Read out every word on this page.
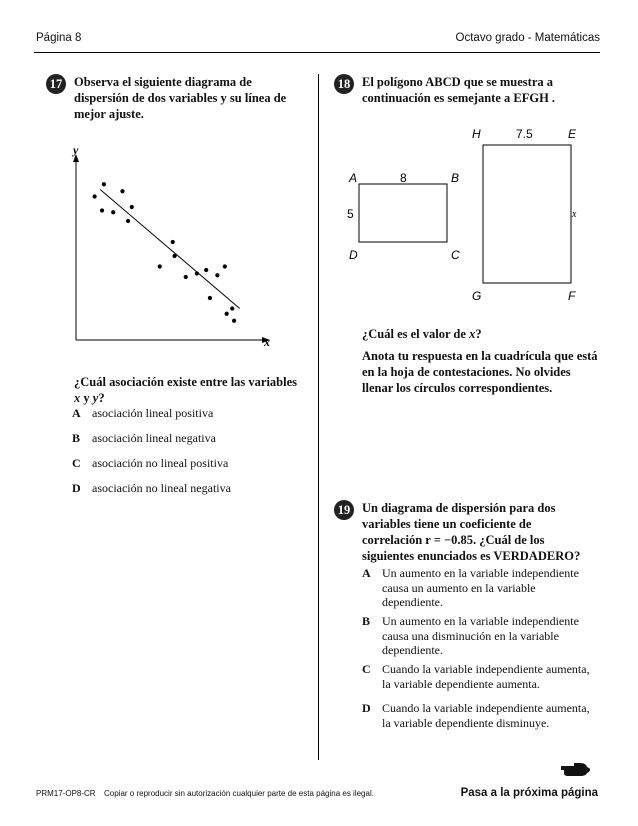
Página 8	Octavo grado - Matemáticas
17 Observa el siguiente diagrama de dispersión de dos variables y su línea de mejor ajuste.
y
x
¿Cuál asociación existe entre las variables x y y?
A asociación lineal positiva
B asociación lineal negativa
C asociación no lineal positiva
D asociación no lineal negativa
18 El polígono ABCD que se muestra a
continuación es semejante a EFGH .
A	B
C
D
8
5
H	E
F
G
7.5
x
¿Cuál es el valor de x?
Anota tu respuesta en la cuadrícula que está en la hoja de contestaciones. No olvides llenar los círculos correspondientes.
19 Un diagrama de dispersión para dos variables tiene un coeficiente de correlación r = −0.85. ¿Cuál de los siguientes enunciados es VERDADERO?
A Un aumento en la variable independiente causa un aumento en la variable dependiente.
B Un aumento en la variable independiente causa una disminución en la variable dependiente.
C Cuando la variable independiente aumenta, la variable dependiente aumenta.
D Cuando la variable independiente aumenta, la variable dependiente disminuye.
PRM17-OP8-CR Copiar o reproducir sin autorización cualquier parte de esta página es ilegal.	Pasa a la próxima página
